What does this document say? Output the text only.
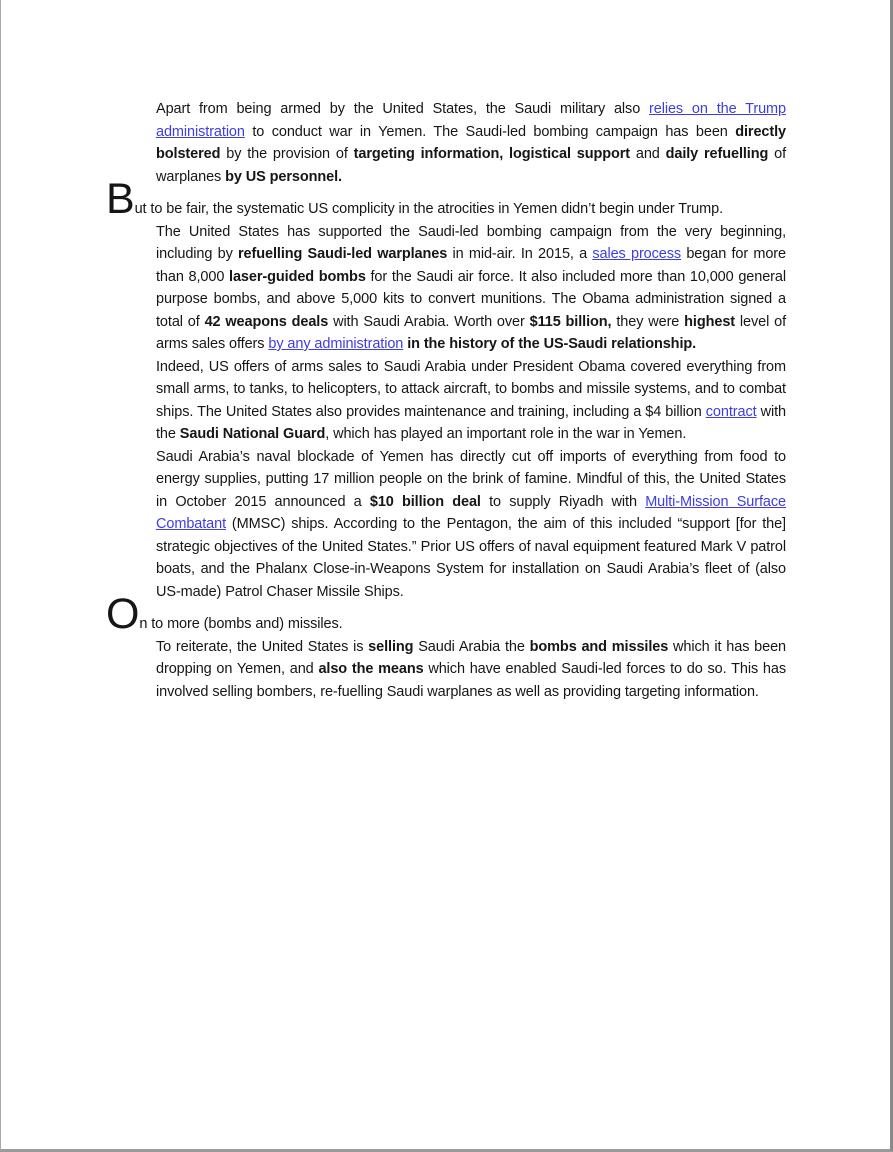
Apart from being armed by the United States, the Saudi military also relies on the Trump administration to conduct war in Yemen. The Saudi-led bombing campaign has been directly bolstered by the provision of targeting information, logistical support and daily refuelling of warplanes by US personnel.

But to be fair, the systematic US complicity in the atrocities in Yemen didn’t begin under Trump.

The United States has supported the Saudi-led bombing campaign from the very beginning, including by refuelling Saudi-led warplanes in mid-air. In 2015, a sales process began for more than 8,000 laser-guided bombs for the Saudi air force. It also included more than 10,000 general purpose bombs, and above 5,000 kits to convert munitions. The Obama administration signed a total of 42 weapons deals with Saudi Arabia. Worth over $115 billion, they were highest level of arms sales offers by any administration in the history of the US-Saudi relationship.

Indeed, US offers of arms sales to Saudi Arabia under President Obama covered everything from small arms, to tanks, to helicopters, to attack aircraft, to bombs and missile systems, and to combat ships. The United States also provides maintenance and training, including a $4 billion contract with the Saudi National Guard, which has played an important role in the war in Yemen.

Saudi Arabia’s naval blockade of Yemen has directly cut off imports of everything from food to energy supplies, putting 17 million people on the brink of famine. Mindful of this, the United States in October 2015 announced a $10 billion deal to supply Riyadh with Multi-Mission Surface Combatant (MMSC) ships. According to the Pentagon, the aim of this included “support [for the] strategic objectives of the United States.” Prior US offers of naval equipment featured Mark V patrol boats, and the Phalanx Close-in-Weapons System for installation on Saudi Arabia’s fleet of (also US-made) Patrol Chaser Missile Ships.

On to more (bombs and) missiles.

To reiterate, the United States is selling Saudi Arabia the bombs and missiles which it has been dropping on Yemen, and also the means which have enabled Saudi-led forces to do so. This has involved selling bombers, re-fuelling Saudi warplanes as well as providing targeting information.
